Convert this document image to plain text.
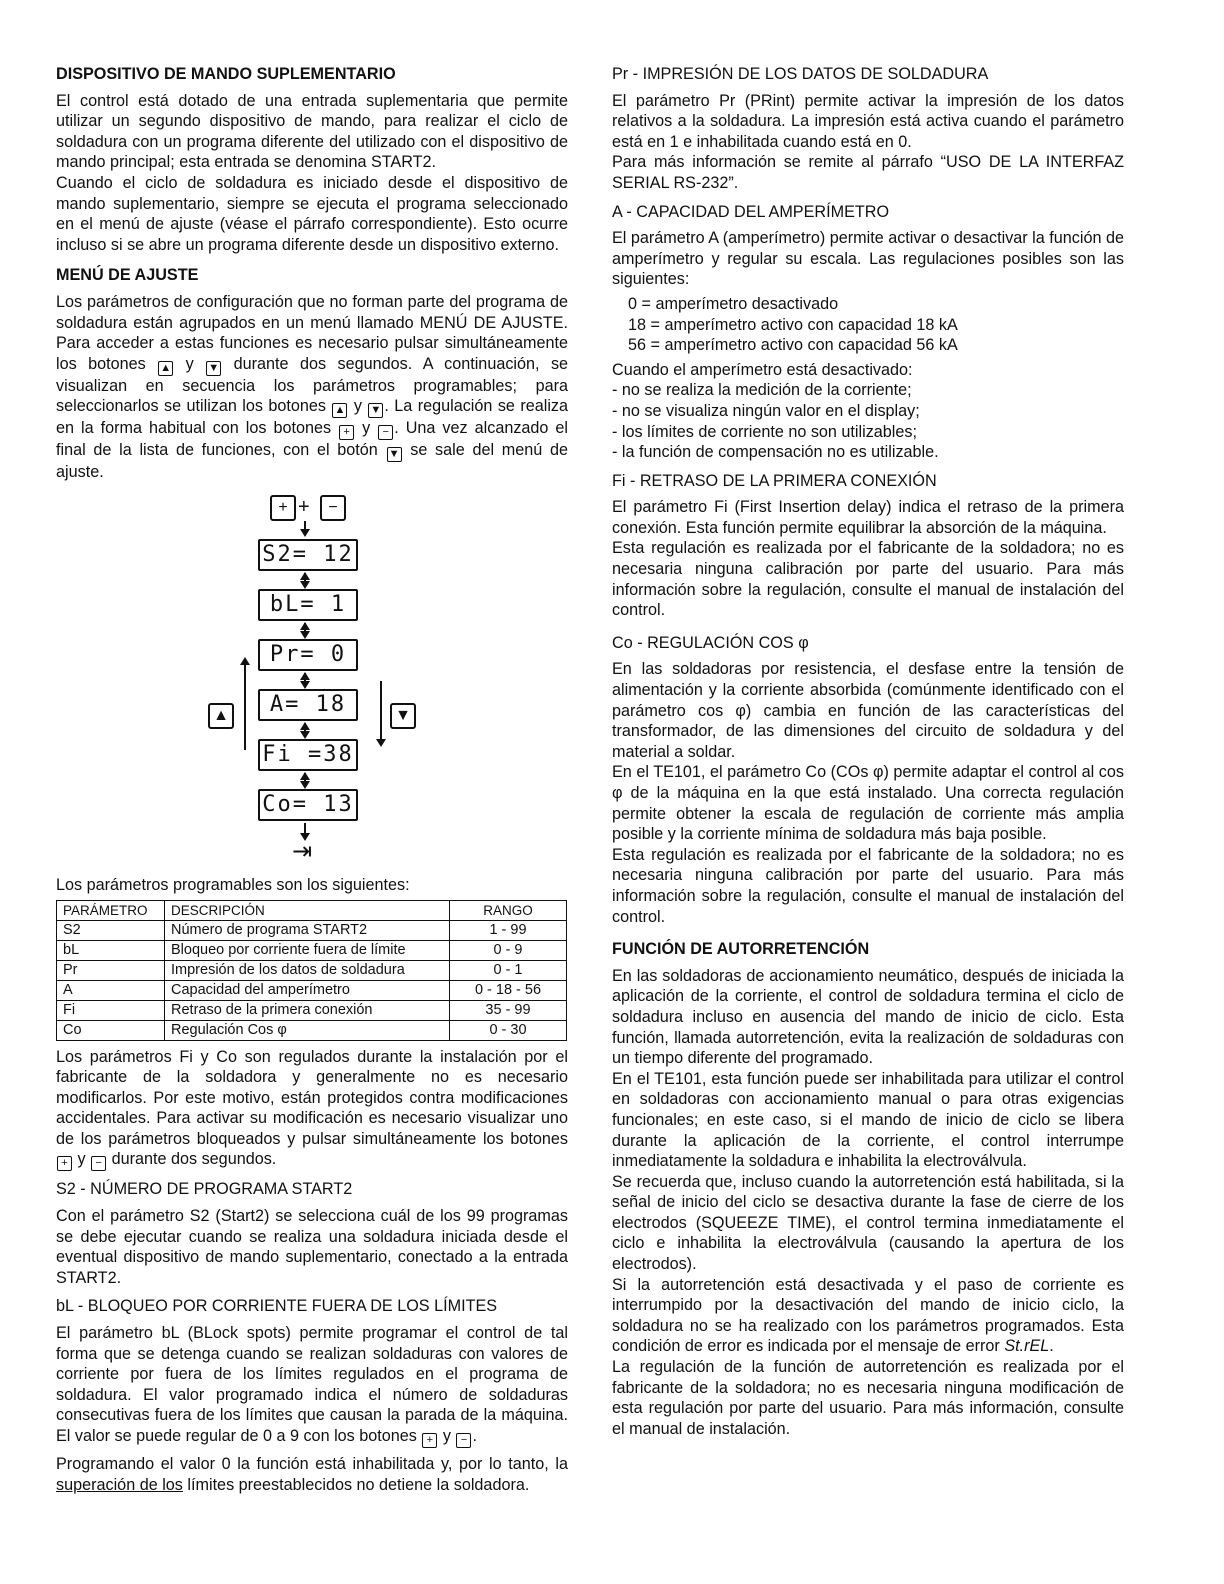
DISPOSITIVO DE MANDO SUPLEMENTARIO

El control está dotado de una entrada suplementaria que permite utilizar un segundo dispositivo de mando, para realizar el ciclo de soldadura con un programa diferente del utilizado con el dispositivo de mando principal; esta entrada se denomina START2.

Cuando el ciclo de soldadura es iniciado desde el dispositivo de mando suplementario, siempre se ejecuta el programa seleccionado en el menú de ajuste (véase el párrafo correspondiente). Esto ocurre incluso si se abre un programa diferente desde un dispositivo externo.

MENÚ DE AJUSTE

Los parámetros de configuración que no forman parte del programa de soldadura están agrupados en un menú llamado MENÚ DE AJUSTE. Para acceder a estas funciones es necesario pulsar simultáneamente los botones ▲ y ▼ durante dos segundos. A continuación, se visualizan en secuencia los parámetros programables; para seleccionarlos se utilizan los botones ▲ y ▼ . La regulación se realiza en la forma habitual con los botones + y − . Una vez alcanzado el final de la lista de funciones, con el botón ▼ se sale del menú de ajuste.

+ +	−
S2= 12
bL= 1
Pr= 0
A= 18
Fi =38
Co= 13
⇥
▲	▼

Los parámetros programables son los siguientes:

PARÁMETRO	DESCRIPCIÓN	RANGO
S2	Número de programa START2	1 - 99
bL	Bloqueo por corriente fuera de límite	0 - 9
Pr	Impresión de los datos de soldadura	0 - 1
A	Capacidad del amperímetro	0 - 18 - 56
Fi	Retraso de la primera conexión	35 - 99
Co	Regulación Cos φ	0 - 30

Los parámetros Fi y Co son regulados durante la instalación por el fabricante de la soldadora y generalmente no es necesario modificarlos. Por este motivo, están protegidos contra modificaciones accidentales. Para activar su modificación es necesario visualizar uno de los parámetros bloqueados y pulsar simultáneamente los botones + y − durante dos segundos.

S2 - NÚMERO DE PROGRAMA START2

Con el parámetro S2 (Start2) se selecciona cuál de los 99 programas se debe ejecutar cuando se realiza una soldadura iniciada desde el eventual dispositivo de mando suplementario, conectado a la entrada START2.

bL - BLOQUEO POR CORRIENTE FUERA DE LOS LÍMITES

El parámetro bL (BLock spots) permite programar el control de tal forma que se detenga cuando se realizan soldaduras con valores de corriente por fuera de los límites regulados en el programa de soldadura. El valor programado indica el número de soldaduras consecutivas fuera de los límites que causan la parada de la máquina. El valor se puede regular de 0 a 9 con los botones + y − .

Programando el valor 0 la función está inhabilitada y, por lo tanto, la superación de los límites preestablecidos no detiene la soldadora.

Pr - IMPRESIÓN DE LOS DATOS DE SOLDADURA

El parámetro Pr (PRint) permite activar la impresión de los datos relativos a la soldadura. La impresión está activa cuando el parámetro está en 1 e inhabilitada cuando está en 0.

Para más información se remite al párrafo “USO DE LA INTERFAZ SERIAL RS-232”.

A - CAPACIDAD DEL AMPERÍMETRO

El parámetro A (amperímetro) permite activar o desactivar la función de amperímetro y regular su escala. Las regulaciones posibles son las siguientes:

0 = amperímetro desactivado
18 = amperímetro activo con capacidad 18 kA
56 = amperímetro activo con capacidad 56 kA

Cuando el amperímetro está desactivado:

- no se realiza la medición de la corriente;
- no se visualiza ningún valor en el display;
- los límites de corriente no son utilizables;
- la función de compensación no es utilizable.
Fi - RETRASO DE LA PRIMERA CONEXIÓN

El parámetro Fi (First Insertion delay) indica el retraso de la primera conexión. Esta función permite equilibrar la absorción de la máquina.

Esta regulación es realizada por el fabricante de la soldadora; no es necesaria ninguna calibración por parte del usuario. Para más información sobre la regulación, consulte el manual de instalación del control.

Co - REGULACIÓN COS φ

En las soldadoras por resistencia, el desfase entre la tensión de alimentación y la corriente absorbida (comúnmente identificado con el parámetro cos φ) cambia en función de las características del transformador, de las dimensiones del circuito de soldadura y del material a soldar.

En el TE101, el parámetro Co (COs φ) permite adaptar el control al cos φ de la máquina en la que está instalado. Una correcta regulación permite obtener la escala de regulación de corriente más amplia posible y la corriente mínima de soldadura más baja posible.

Esta regulación es realizada por el fabricante de la soldadora; no es necesaria ninguna calibración por parte del usuario. Para más información sobre la regulación, consulte el manual de instalación del control.

FUNCIÓN DE AUTORRETENCIÓN

En las soldadoras de accionamiento neumático, después de iniciada la aplicación de la corriente, el control de soldadura termina el ciclo de soldadura incluso en ausencia del mando de inicio de ciclo. Esta función, llamada autorretención, evita la realización de soldaduras con un tiempo diferente del programado.

En el TE101, esta función puede ser inhabilitada para utilizar el control en soldadoras con accionamiento manual o para otras exigencias funcionales; en este caso, si el mando de inicio de ciclo se libera durante la aplicación de la corriente, el control interrumpe inmediatamente la soldadura e inhabilita la electroválvula.

Se recuerda que, incluso cuando la autorretención está habilitada, si la señal de inicio del ciclo se desactiva durante la fase de cierre de los electrodos (SQUEEZE TIME), el control termina inmediatamente el ciclo e inhabilita la electroválvula (causando la apertura de los electrodos).

Si la autorretención está desactivada y el paso de corriente es interrumpido por la desactivación del mando de inicio ciclo, la soldadura no se ha realizado con los parámetros programados. Esta condición de error es indicada por el mensaje de error St.rEL.

La regulación de la función de autorretención es realizada por el fabricante de la soldadora; no es necesaria ninguna modificación de esta regulación por parte del usuario. Para más información, consulte el manual de instalación.
